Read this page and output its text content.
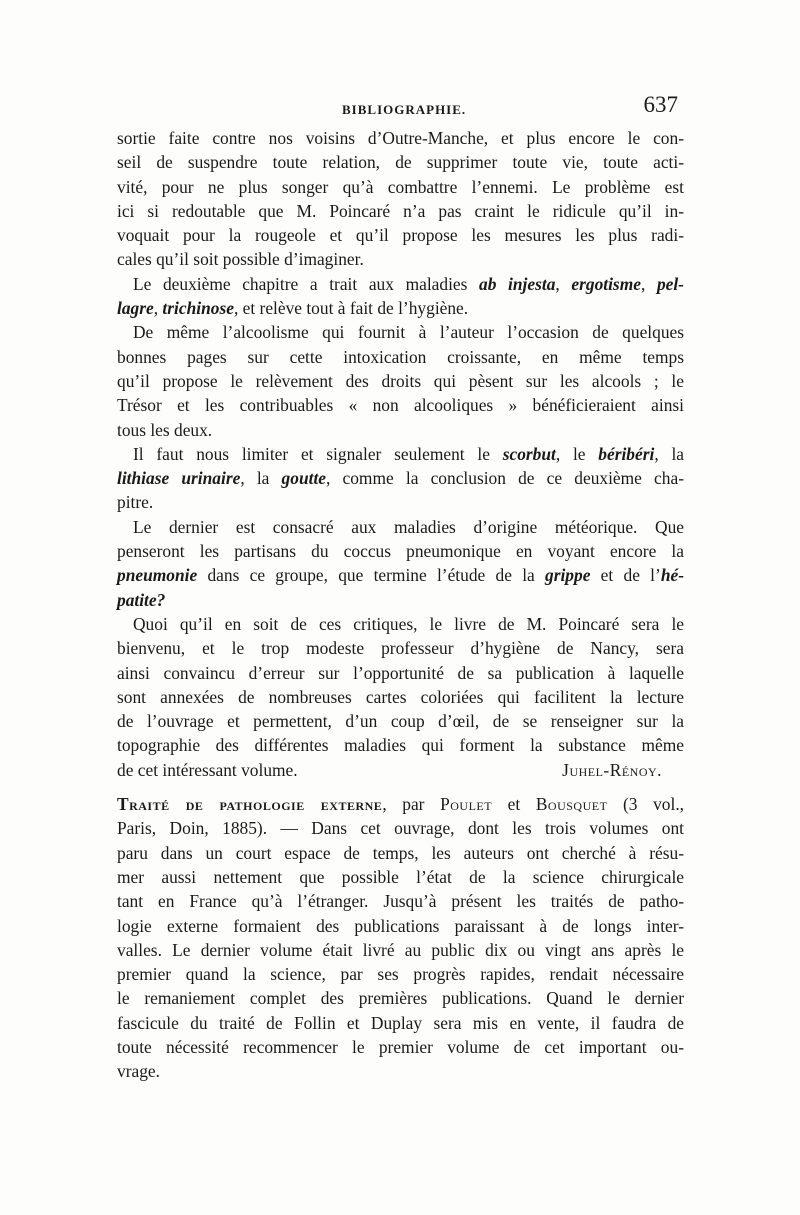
BIBLIOGRAPHIE.	637
sortie faite contre nos voisins d’Outre-Manche, et plus encore le con-
seil de suspendre toute relation, de supprimer toute vie, toute acti-
vité, pour ne plus songer qu’à combattre l’ennemi. Le problème est
ici si redoutable que M. Poincaré n’a pas craint le ridicule qu’il in-
voquait pour la rougeole et qu’il propose les mesures les plus radi-
cales qu’il soit possible d’imaginer.
Le deuxième chapitre a trait aux maladies ab injesta, ergotisme, pel-
lagre, trichinose, et relève tout à fait de l’hygiène.
De même l’alcoolisme qui fournit à l’auteur l’occasion de quelques
bonnes pages sur cette intoxication croissante, en même temps
qu’il propose le relèvement des droits qui pèsent sur les alcools ; le
Trésor et les contribuables « non alcooliques » bénéficieraient ainsi
tous les deux.
Il faut nous limiter et signaler seulement le scorbut, le béribéri, la
lithiase urinaire, la goutte, comme la conclusion de ce deuxième cha-
pitre.
Le dernier est consacré aux maladies d’origine météorique. Que
penseront les partisans du coccus pneumonique en voyant encore la
pneumonie dans ce groupe, que termine l’étude de la grippe et de l’hé-
patite?
Quoi qu’il en soit de ces critiques, le livre de M. Poincaré sera le
bienvenu, et le trop modeste professeur d’hygiène de Nancy, sera
ainsi convaincu d’erreur sur l’opportunité de sa publication à laquelle
sont annexées de nombreuses cartes coloriées qui facilitent la lecture
de l’ouvrage et permettent, d’un coup d’œil, de se renseigner sur la
topographie des différentes maladies qui forment la substance même
de cet intéressant volume.	Juhel-Rénoy.
Traité de pathologie externe, par Poulet et Bousquet (3 vol.,
Paris, Doin, 1885). — Dans cet ouvrage, dont les trois volumes ont
paru dans un court espace de temps, les auteurs ont cherché à résu-
mer aussi nettement que possible l’état de la science chirurgicale
tant en France qu’à l’étranger. Jusqu’à présent les traités de patho-
logie externe formaient des publications paraissant à de longs inter-
valles. Le dernier volume était livré au public dix ou vingt ans après le
premier quand la science, par ses progrès rapides, rendait nécessaire
le remaniement complet des premières publications. Quand le dernier
fascicule du traité de Follin et Duplay sera mis en vente, il faudra de
toute nécessité recommencer le premier volume de cet important ou-
vrage.
